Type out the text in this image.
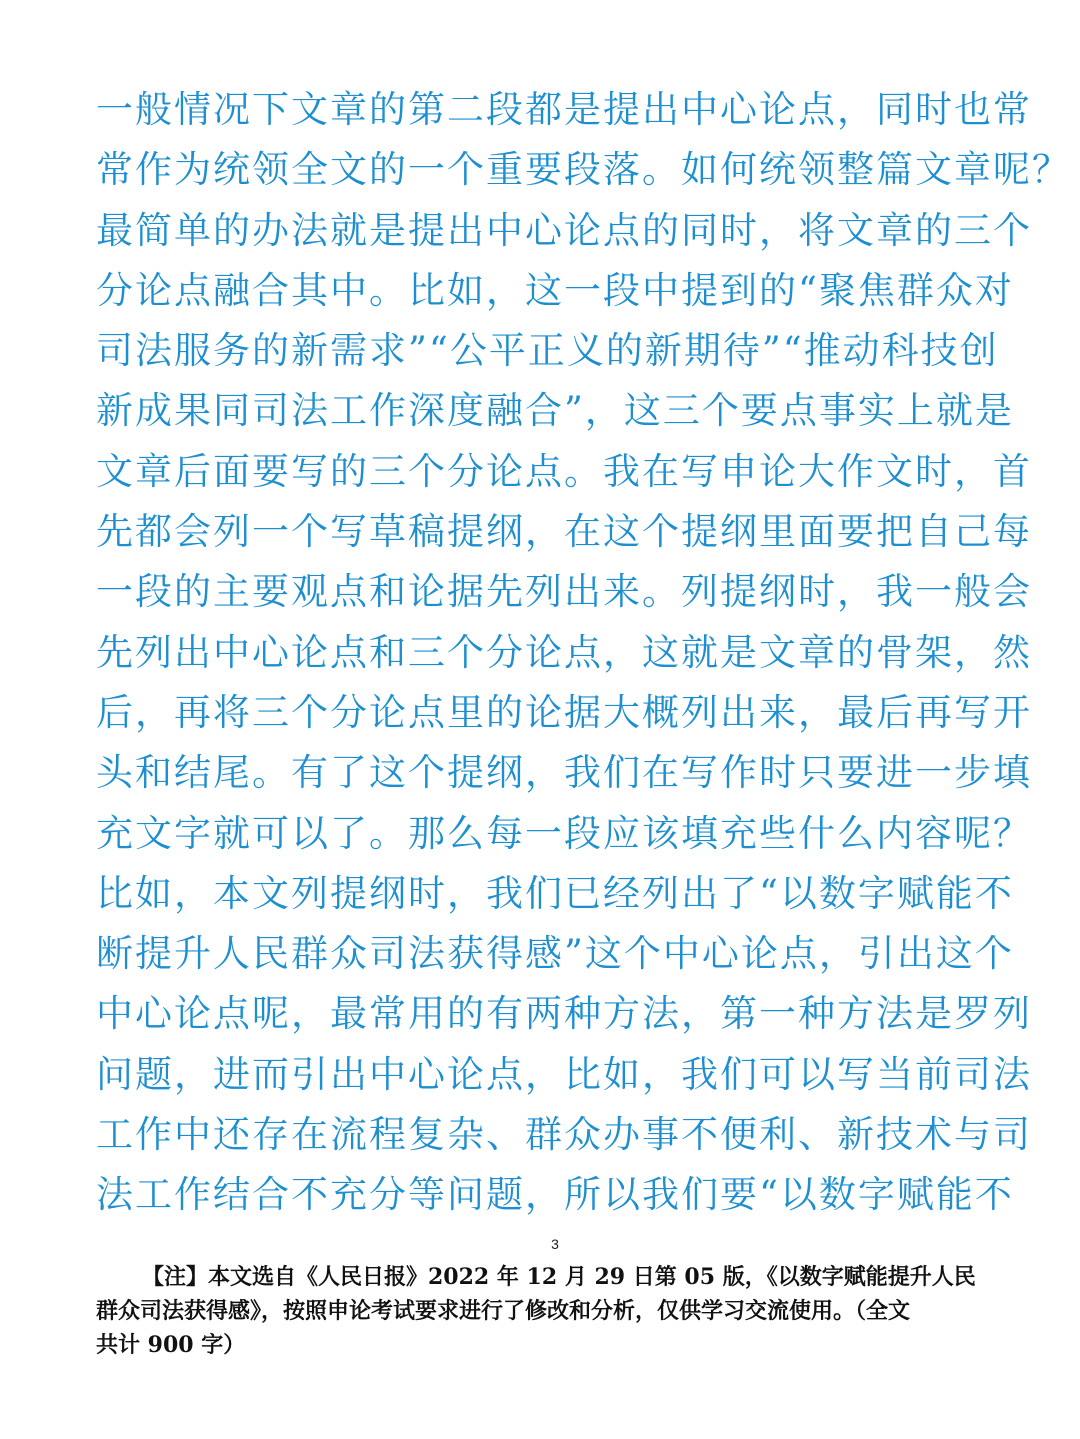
一般情况下文章的第二段都是提出中心论点，同时也常
常作为统领全文的一个重要段落。如何统领整篇文章呢？
最简单的办法就是提出中心论点的同时，将文章的三个
分论点融合其中。比如，这一段中提到的“聚焦群众对
司法服务的新需求”“公平正义的新期待”“推动科技创
新成果同司法工作深度融合”，这三个要点事实上就是
文章后面要写的三个分论点。我在写申论大作文时，首
先都会列一个写草稿提纲，在这个提纲里面要把自己每
一段的主要观点和论据先列出来。列提纲时，我一般会
先列出中心论点和三个分论点，这就是文章的骨架，然
后，再将三个分论点里的论据大概列出来，最后再写开
头和结尾。有了这个提纲，我们在写作时只要进一步填
充文字就可以了。那么每一段应该填充些什么内容呢？
比如，本文列提纲时，我们已经列出了“以数字赋能不
断提升人民群众司法获得感”这个中心论点，引出这个
中心论点呢，最常用的有两种方法，第一种方法是罗列
问题，进而引出中心论点，比如，我们可以写当前司法
工作中还存在流程复杂、群众办事不便利、新技术与司
法工作结合不充分等问题，所以我们要“以数字赋能不
3
【注】本文选自《人民日报》2022 年 12 月 29 日第 05 版，《以数字赋能提升人民
群众司法获得感》，按照申论考试要求进行了修改和分析，仅供学习交流使用。（全文
共计 900 字）
